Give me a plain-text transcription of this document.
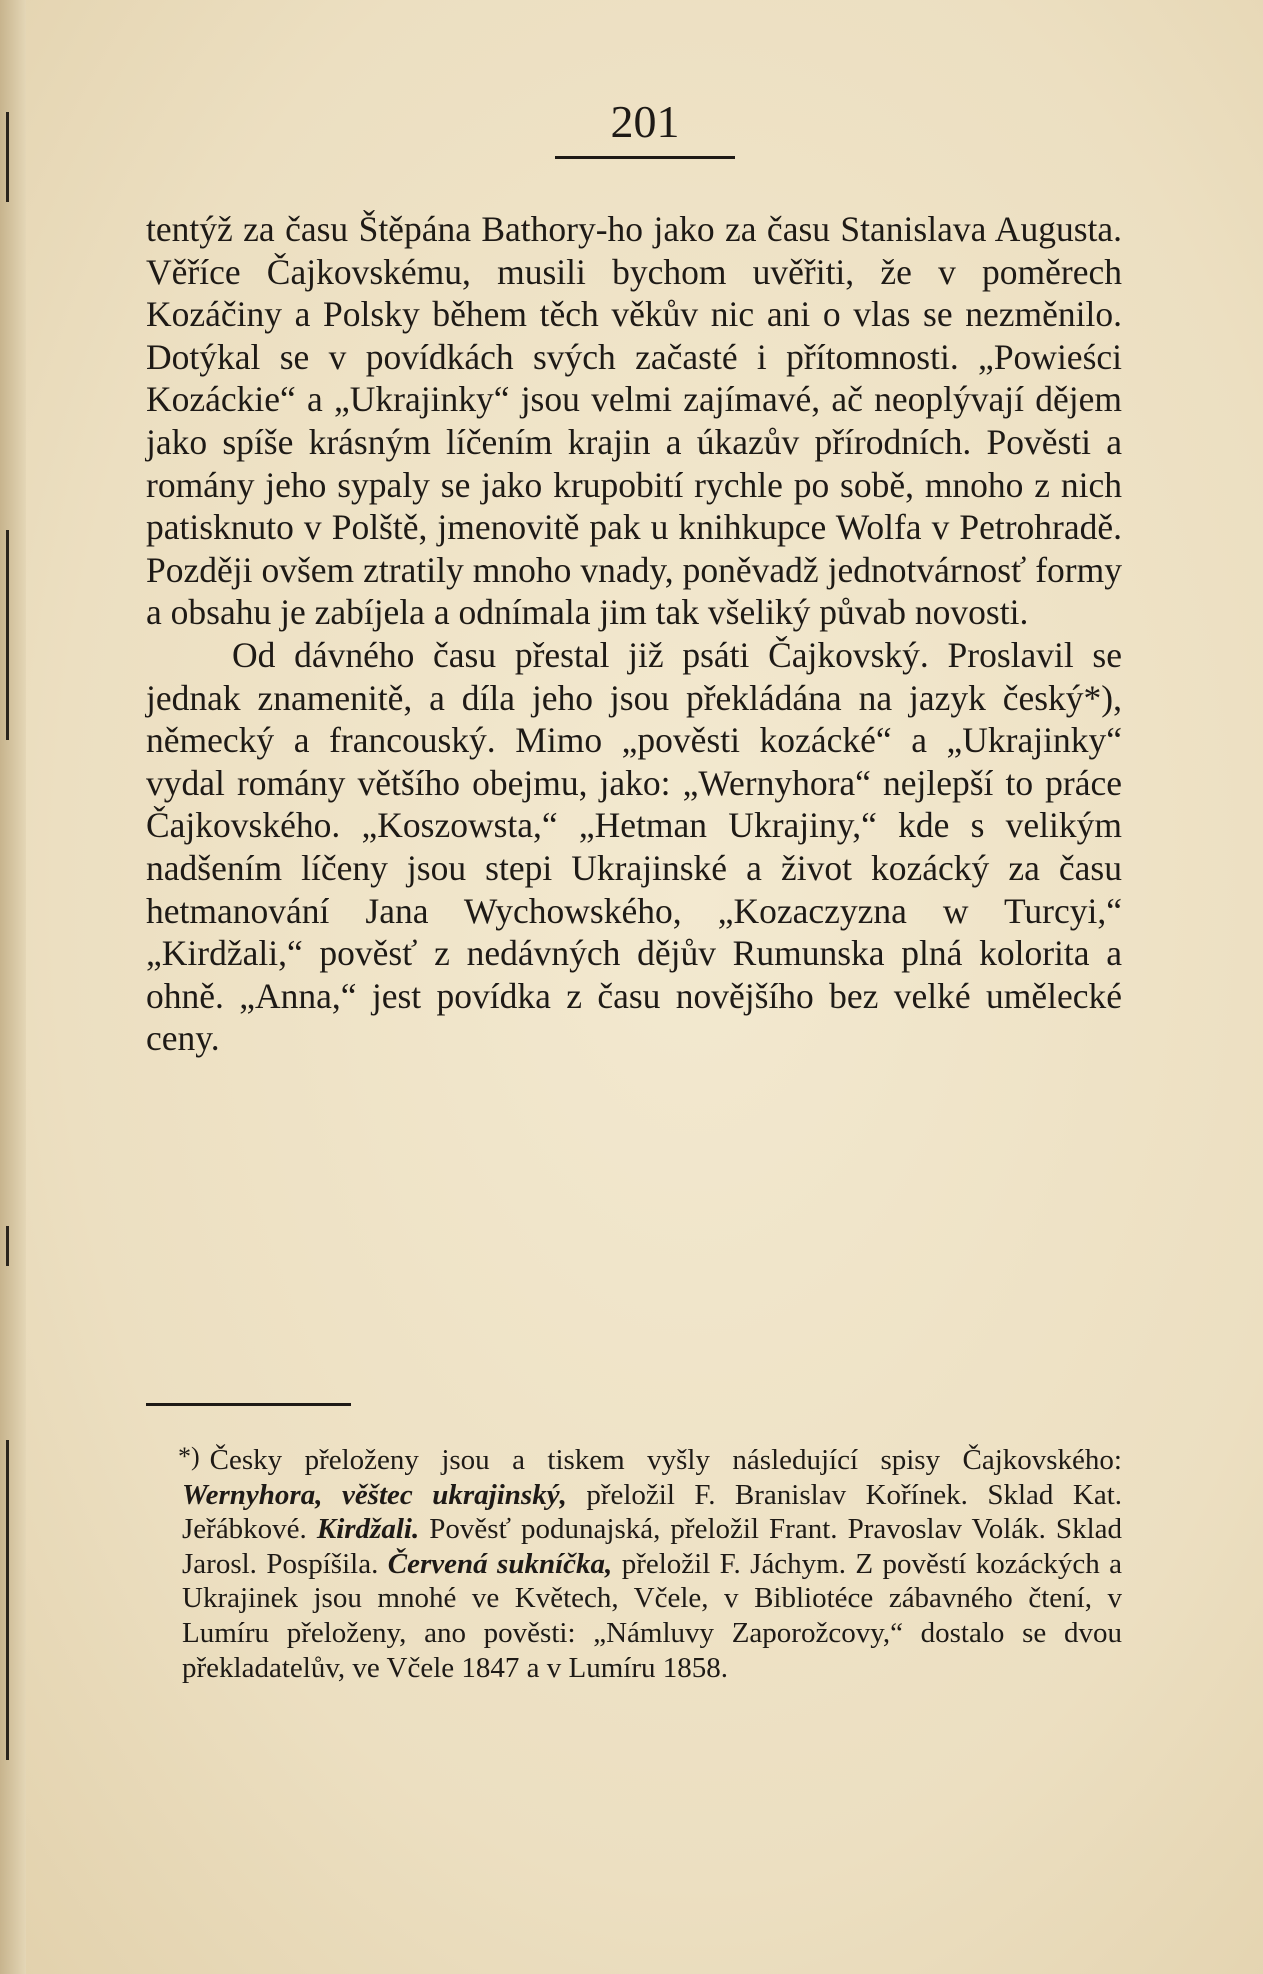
201

tentýž za času Štěpána Bathory-ho jako za času Stanislava Augusta. Věříce Čajkovskému, musili bychom uvěřiti, že v poměrech Kozáčiny a Polsky během těch věkův nic ani o vlas se nezměnilo. Dotýkal se v povídkách svých začasté i přítomnosti. „Powieści Kozáckie“ a „Ukrajinky“ jsou velmi zajímavé, ač neoplývají dějem jako spíše krásným líčením krajin a úkazův přírodních. Pověsti a romány jeho sypaly se jako krupobití rychle po sobě, mnoho z nich patisknuto v Polště, jmenovitě pak u knihkupce Wolfa v Petrohradě. Později ovšem ztratily mnoho vnady, poněvadž jednotvárnosť formy a obsahu je zabíjela a odnímala jim tak všeliký půvab novosti.

Od dávného času přestal již psáti Čajkovský. Proslavil se jednak znamenitě, a díla jeho jsou překládána na jazyk český*), německý a francouský. Mimo „pověsti kozácké“ a „Ukrajinky“ vydal romány většího obejmu, jako: „Wernyhora“ nejlepší to práce Čajkovského. „Koszowsta,“ „Hetman Ukrajiny,“ kde s velikým nadšením líčeny jsou stepi Ukrajinské a život kozácký za času hetmanování Jana Wychowského, „Kozaczyzna w Turcyi,“ „Kirdžali,“ pověsť z nedávných dějův Rumunska plná kolorita a ohně. „Anna,“ jest povídka z času novějšího bez velké umělecké ceny.

*) Česky přeloženy jsou a tiskem vyšly následující spisy Čajkovského: Wernyhora, věštec ukrajinský, přeložil F. Branislav Kořínek. Sklad Kat. Jeřábkové. Kirdžali. Pověsť podunajská, přeložil Frant. Pravoslav Volák. Sklad Jarosl. Pospíšila. Červená sukníčka, přeložil F. Jáchym. Z pověstí kozáckých a Ukrajinek jsou mnohé ve Květech, Včele, v Bibliotéce zábavného čtení, v Lumíru přeloženy, ano pověsti: „Námluvy Zaporožcovy,“ dostalo se dvou překladatelův, ve Včele 1847 a v Lumíru 1858.
